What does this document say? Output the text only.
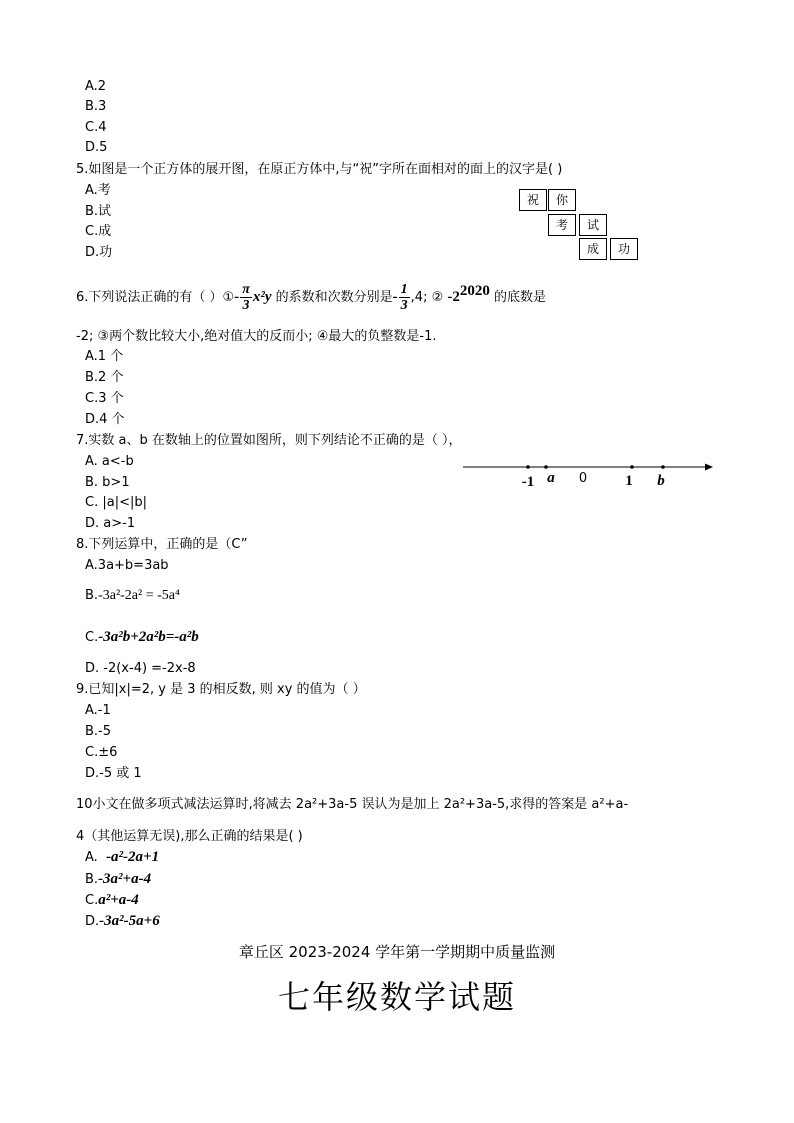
A.2
B.3
C.4
D.5
5.如图是一个正方体的展开图，在原正方体中,与“祝”字所在面相对的面上的汉字是( )
A.考
B.试
C.成
D.功
祝	你
考	试
成	功
6.下列说法正确的有（ ）①- $\frac{\pi}{3} x^2y$ 的系数和次数分别是- $\frac{1}{3} ,4$; ② $-2^{2020}$ 的底数是
-2; ③两个数比较大小,绝对值大的反而小; ④最大的负整数是-1.
A.1 个
B.2 个
C.3 个
D.4 个
7.实数 a、b 在数轴上的位置如图所，则下列结论不正确的是（ ），
A. a<-b
B. b>1
C. |a|<|b|
D. a>-1
-1 a 0	1 b
8.下列运算中，正确的是（C”
A.3a+b=3ab
B.-3a²-2a² = -5a⁴
C.-3a²b+2a²b=-a²b
D. -2(x-4) =-2x-8
9.已知|x|=2, y 是 3 的相反数, 则 xy 的值为（ ）
A.-1
B.-5
C.±6
D.-5 或 1
10小文在做多项式减法运算时,将减去 2a²+3a-5 误认为是加上 2a²+3a-5,求得的答案是 a²+a-
4（其他运算无误),那么正确的结果是( )
A.  -a²-2a+1
B.-3a²+a-4
C.a²+a-4
D.-3a²-5a+6
章丘区 2023-2024 学年第一学期期中质量监测
七年级数学试题
